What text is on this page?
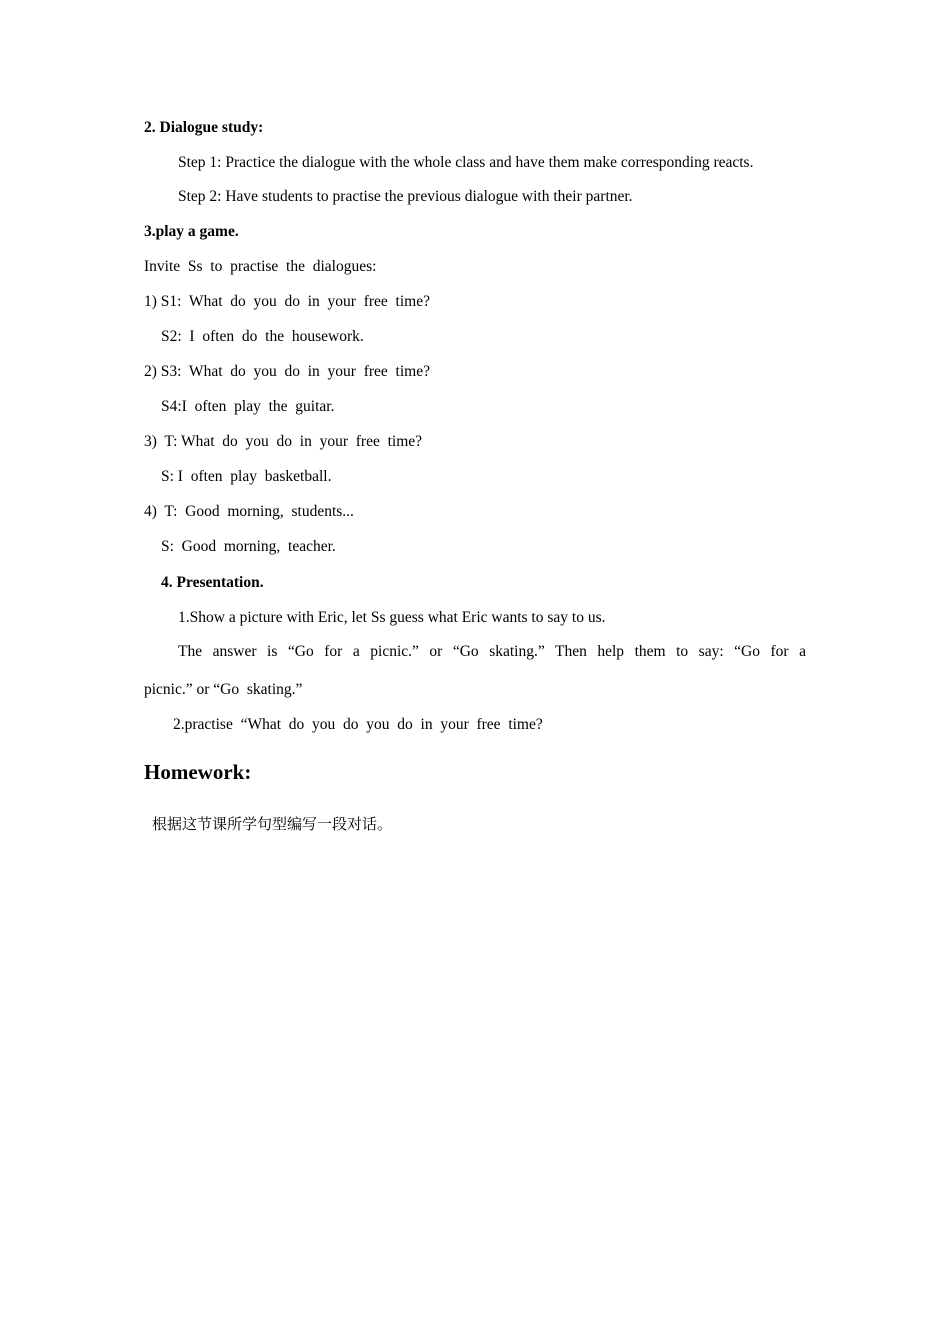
2. Dialogue study:

Step 1: Practice the dialogue with the whole class and have them make corresponding reacts.

Step 2: Have students to practise the previous dialogue with their partner.

3.play a game.

Invite  Ss  to  practise  the  dialogues:

1) S1:  What  do  you  do  in  your  free  time?

S2:  I  often  do  the  housework.

2) S3:  What  do  you  do  in  your  free  time?

S4:I  often  play  the  guitar.

3)  T: What  do  you  do  in  your  free  time?

S: I  often  play  basketball.

4)  T:  Good  morning,  students...

S:  Good  morning,  teacher.

4. Presentation.

1.Show a picture with Eric, let Ss guess what Eric wants to say to us.

The answer is “Go for a picnic.” or “Go skating.” Then help them to say: “Go for a

picnic.” or “Go  skating.”

2.practise  “What  do  you  do  you  do  in  your  free  time?

Homework:

根据这节课所学句型编写一段对话。
